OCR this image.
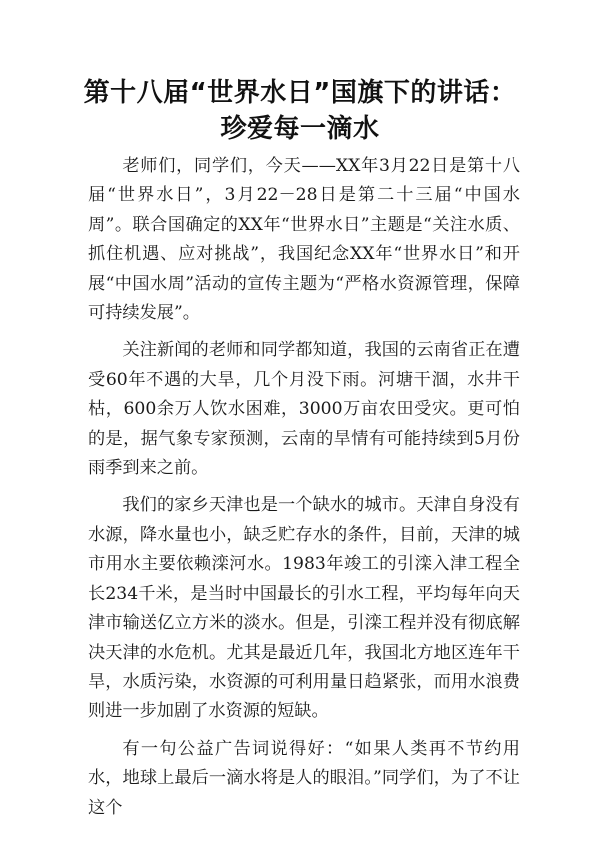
第十八届“世界水日”国旗下的讲话：
珍爱每一滴水

老师们，同学们，今天——XX年3月22日是第十八届“世界水日”，3月22－28日是第二十三届“中国水周”。联合国确定的XX年“世界水日”主题是“关注水质、抓住机遇、应对挑战”，我国纪念XX年“世界水日”和开展“中国水周”活动的宣传主题为“严格水资源管理，保障可持续发展”。

关注新闻的老师和同学都知道，我国的云南省正在遭受60年不遇的大旱，几个月没下雨。河塘干涸，水井干枯，600余万人饮水困难，3000万亩农田受灾。更可怕的是，据气象专家预测，云南的旱情有可能持续到5月份雨季到来之前。

我们的家乡天津也是一个缺水的城市。天津自身没有水源，降水量也小，缺乏贮存水的条件，目前，天津的城市用水主要依赖滦河水。1983年竣工的引滦入津工程全长234千米，是当时中国最长的引水工程，平均每年向天津市输送亿立方米的淡水。但是，引滦工程并没有彻底解决天津的水危机。尤其是最近几年，我国北方地区连年干旱，水质污染，水资源的可利用量日趋紧张，而用水浪费则进一步加剧了水资源的短缺。

有一句公益广告词说得好：“如果人类再不节约用水，地球上最后一滴水将是人的眼泪。”同学们，为了不让这个
